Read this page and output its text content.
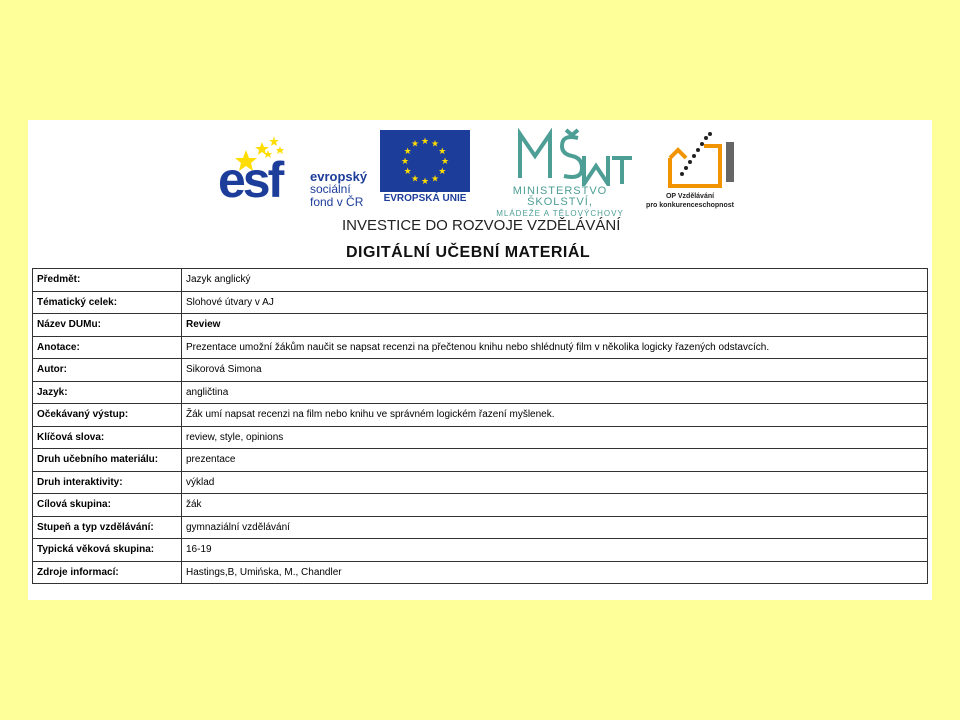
esf evropský
sociální
fond v ČR
★
★
★
★
★
★
★
★
★ ★ ★
★
EVROPSKÁ UNIE
MINISTERSTVO ŠKOLSTVÍ,
MLÁDEŽE A TĚLOVÝCHOVY
OP Vzdělávání
pro konkurenceschopnost
INVESTICE DO ROZVOJE VZDĚLÁVÁNÍ
DIGITÁLNÍ UČEBNÍ MATERIÁL
Předmět:	Jazyk anglický
Tématický celek:	Slohové útvary v AJ
Název DUMu:	Review
Anotace:	Prezentace umožní žákům naučit se napsat recenzi na přečtenou knihu nebo shlédnutý film v několika logicky řazených odstavcích.
Autor:	Sikorová Simona
Jazyk:	angličtina
Očekávaný výstup:	Žák umí napsat recenzi na film nebo knihu ve správném logickém řazení myšlenek.
Klíčová slova:	review, style, opinions
Druh učebního materiálu:	prezentace
Druh interaktivity:	výklad
Cílová skupina:	žák
Stupeň a typ vzdělávání:	gymnaziální vzdělávání
Typická věková skupina:	16-19
Zdroje informací:	Hastings,B, Umińska, M., Chandler
